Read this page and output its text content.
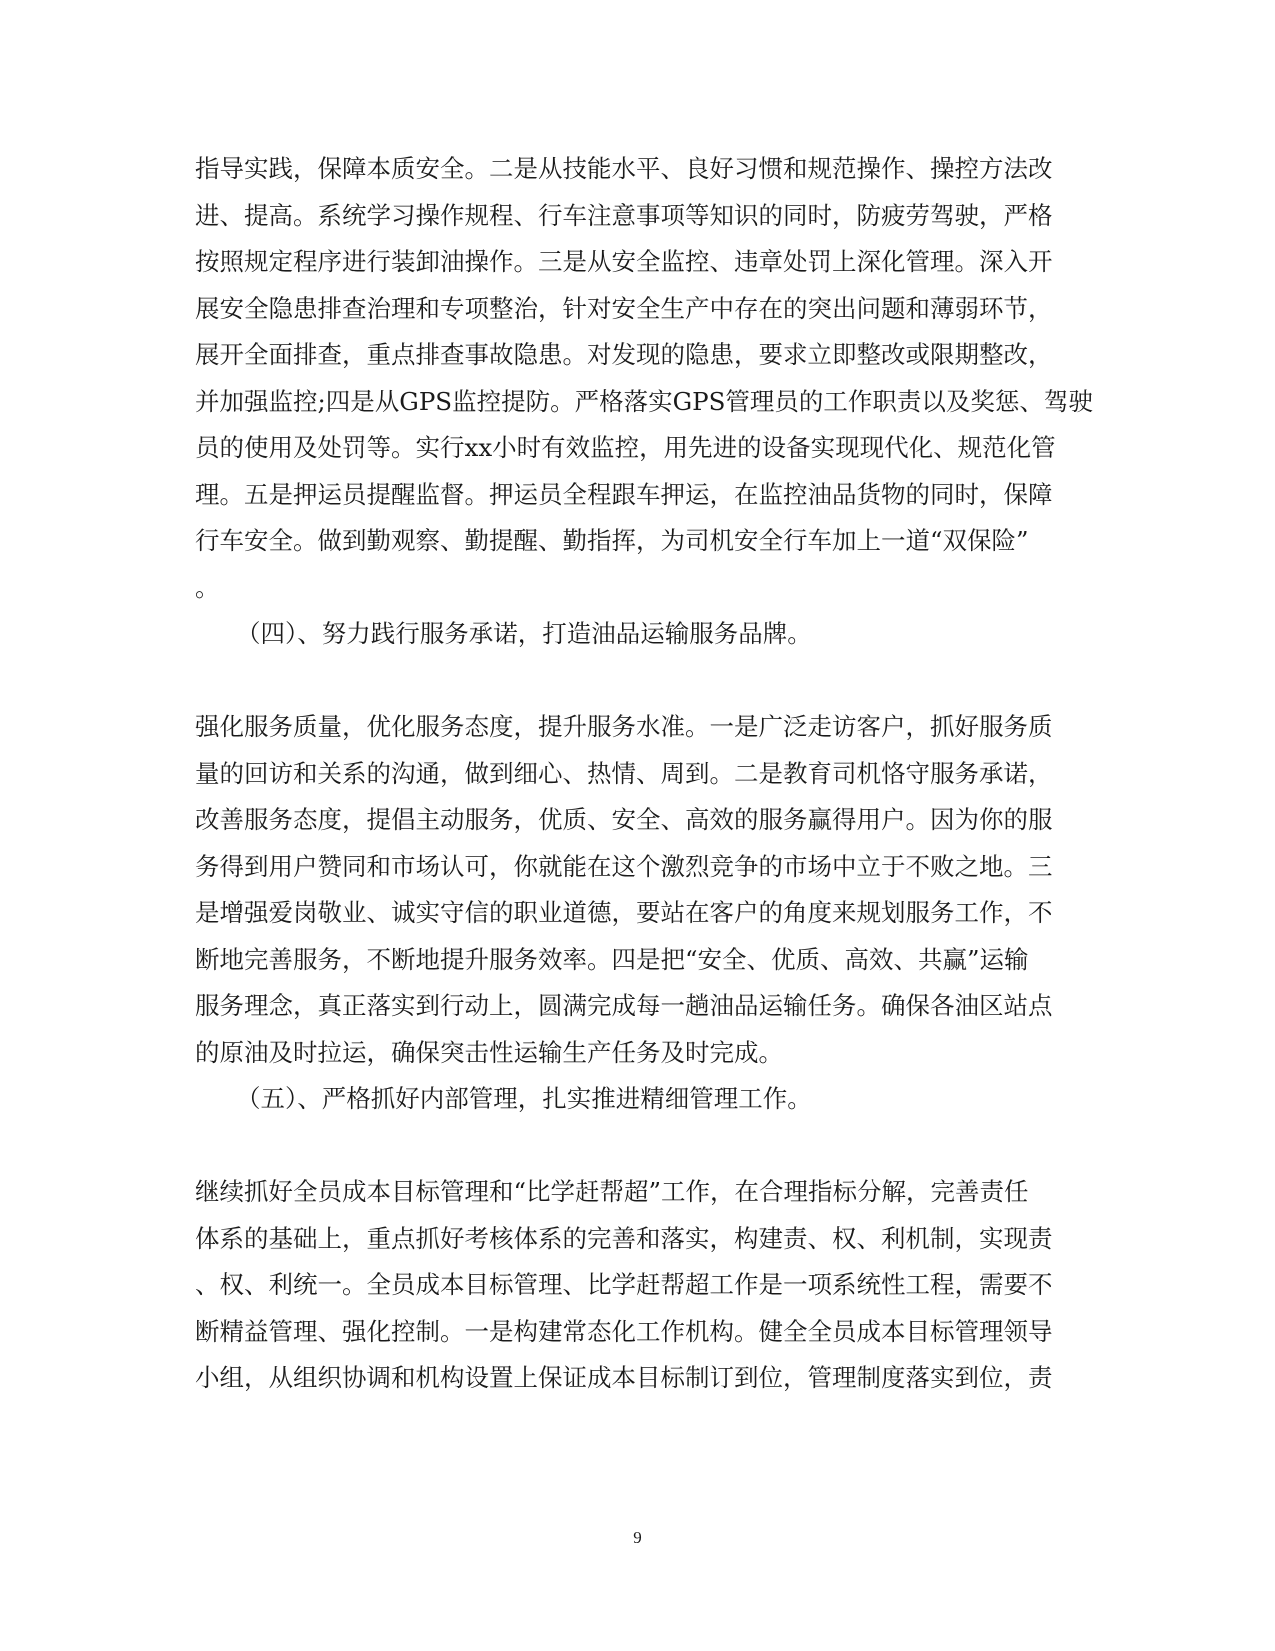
指导实践，保障本质安全。二是从技能水平、良好习惯和规范操作、操控方法改
进、提高。系统学习操作规程、行车注意事项等知识的同时，防疲劳驾驶，严格
按照规定程序进行装卸油操作。三是从安全监控、违章处罚上深化管理。深入开
展安全隐患排查治理和专项整治，针对安全生产中存在的突出问题和薄弱环节，
展开全面排查，重点排查事故隐患。对发现的隐患，要求立即整改或限期整改，
并加强监控;四是从GPS监控提防。严格落实GPS管理员的工作职责以及奖惩、驾驶
员的使用及处罚等。实行xx小时有效监控，用先进的设备实现现代化、规范化管
理。五是押运员提醒监督。押运员全程跟车押运，在监控油品货物的同时，保障
行车安全。做到勤观察、勤提醒、勤指挥，为司机安全行车加上一道“双保险”
。
（四）、努力践行服务承诺，打造油品运输服务品牌。
强化服务质量，优化服务态度，提升服务水准。一是广泛走访客户，抓好服务质
量的回访和关系的沟通，做到细心、热情、周到。二是教育司机恪守服务承诺，
改善服务态度，提倡主动服务，优质、安全、高效的服务赢得用户。因为你的服
务得到用户赞同和市场认可，你就能在这个激烈竞争的市场中立于不败之地。三
是增强爱岗敬业、诚实守信的职业道德，要站在客户的角度来规划服务工作，不
断地完善服务，不断地提升服务效率。四是把“安全、优质、高效、共赢”运输
服务理念，真正落实到行动上，圆满完成每一趟油品运输任务。确保各油区站点
的原油及时拉运，确保突击性运输生产任务及时完成。
（五）、严格抓好内部管理，扎实推进精细管理工作。
继续抓好全员成本目标管理和“比学赶帮超”工作，在合理指标分解，完善责任
体系的基础上，重点抓好考核体系的完善和落实，构建责、权、利机制，实现责
、权、利统一。全员成本目标管理、比学赶帮超工作是一项系统性工程，需要不
断精益管理、强化控制。一是构建常态化工作机构。健全全员成本目标管理领导
小组，从组织协调和机构设置上保证成本目标制订到位，管理制度落实到位，责
9
